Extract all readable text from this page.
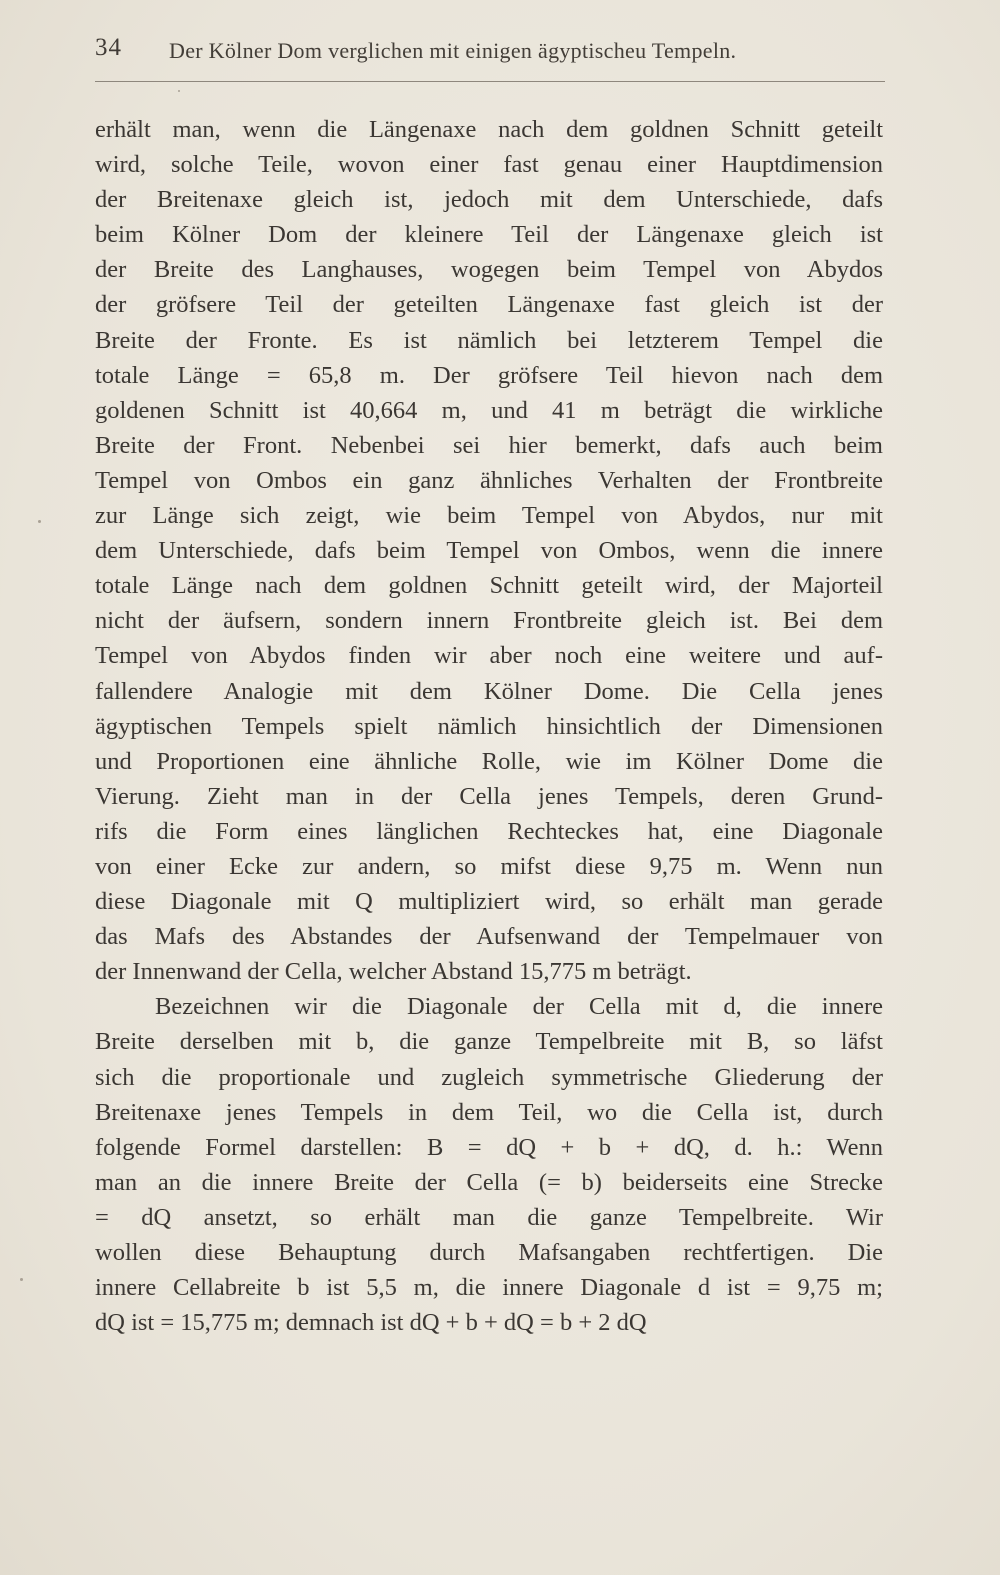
34 Der Kölner Dom verglichen mit einigen ägyptischeu Tempeln.
erhält man, wenn die Längenaxe nach dem goldnen Schnitt geteilt
wird, solche Teile, wovon einer fast genau einer Hauptdimension
der Breitenaxe gleich ist, jedoch mit dem Unterschiede, dafs
beim Kölner Dom der kleinere Teil der Längenaxe gleich ist
der Breite des Langhauses, wogegen beim Tempel von Abydos
der gröfsere Teil der geteilten Längenaxe fast gleich ist der
Breite der Fronte. Es ist nämlich bei letzterem Tempel die
totale Länge = 65,8 m. Der gröfsere Teil hievon nach dem
goldenen Schnitt ist 40,664 m, und 41 m beträgt die wirkliche
Breite der Front. Nebenbei sei hier bemerkt, dafs auch beim
Tempel von Ombos ein ganz ähnliches Verhalten der Frontbreite
zur Länge sich zeigt, wie beim Tempel von Abydos, nur mit
dem Unterschiede, dafs beim Tempel von Ombos, wenn die innere
totale Länge nach dem goldnen Schnitt geteilt wird, der Majorteil
nicht der äufsern, sondern innern Frontbreite gleich ist. Bei dem
Tempel von Abydos finden wir aber noch eine weitere und auf-
fallendere Analogie mit dem Kölner Dome. Die Cella jenes
ägyptischen Tempels spielt nämlich hinsichtlich der Dimensionen
und Proportionen eine ähnliche Rolle, wie im Kölner Dome die
Vierung. Zieht man in der Cella jenes Tempels, deren Grund-
rifs die Form eines länglichen Rechteckes hat, eine Diagonale
von einer Ecke zur andern, so mifst diese 9,75 m. Wenn nun
diese Diagonale mit Q multipliziert wird, so erhält man gerade
das Mafs des Abstandes der Aufsenwand der Tempelmauer von
der Innenwand der Cella, welcher Abstand 15,775 m beträgt.
Bezeichnen wir die Diagonale der Cella mit d, die innere
Breite derselben mit b, die ganze Tempelbreite mit B, so läfst
sich die proportionale und zugleich symmetrische Gliederung der
Breitenaxe jenes Tempels in dem Teil, wo die Cella ist, durch
folgende Formel darstellen: B = dQ + b + dQ, d. h.: Wenn
man an die innere Breite der Cella (= b) beiderseits eine Strecke
= dQ ansetzt, so erhält man die ganze Tempelbreite. Wir
wollen diese Behauptung durch Mafsangaben rechtfertigen. Die
innere Cellabreite b ist 5,5 m, die innere Diagonale d ist = 9,75 m;
dQ ist = 15,775 m; demnach ist dQ + b + dQ = b + 2 dQ
